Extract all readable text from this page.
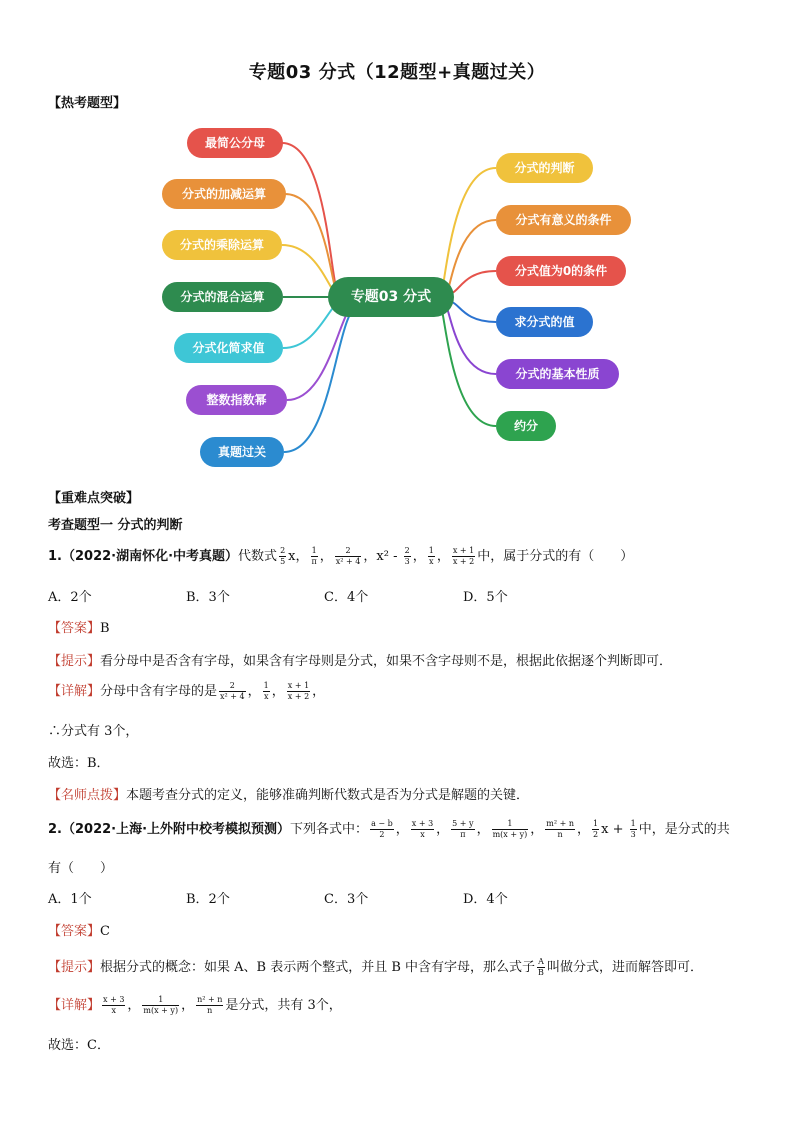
专题03 分式（12题型+真题过关）
【热考题型】
最简公分母
分式的加减运算
分式的乘除运算
分式的混合运算
分式化简求值
整数指数幂
真题过关
专题03 分式
分式的判断
分式有意义的条件
分式值为0的条件
求分式的值
分式的基本性质
约分
【重难点突破】
考查题型一 分式的判断
1.（2022·湖南怀化·中考真题）代数式 $\frac{2}{5}$ x， $\frac{1}{\pi}$ ， $\frac{2}{\text{x² + 4}}$ ，$x^2 - \frac{2}{3}$ ， $\frac{1}{x}$ ， $\frac{x + 1}{x + 2}$ 中，属于分式的有（　　）
A．2个	B．3个	C．4个	D．5个
【答案】B
【提示】看分母中是否含有字母，如果含有字母则是分式，如果不含字母则不是，根据此依据逐个判断即可．
【详解】分母中含有字母的是 $\frac{2}{\text{x² + 4}}$ ， $\frac{1}{x}$ ， $\frac{x + 1}{x + 2}$ ，
∴分式有 3个，
故选：B．
【名师点拨】本题考查分式的定义，能够准确判断代数式是否为分式是解题的关键．
2.（2022·上海·上外附中校考模拟预测）下列各式中： $\frac{a - b}{2}$ ， $\frac{x + 3}{x}$ ， $\frac{5 + y}{\pi}$ ， $\frac{1}{m(x + y)}$ ， $\frac{\text{m² + n}}{n}$ ， $\frac{1}{2}$ $x + \frac{1}{3}$ 中，是分式的共
有（　　）
A．1个	B．2个	C．3个	D．4个
【答案】C
【提示】根据分式的概念：如果 A、B 表示两个整式，并且 B 中含有字母，那么式子 $\frac{A}{B}$ 叫做分式，进而解答即可．
【详解】 $\frac{x + 3}{x}$ ， $\frac{1}{m(x + y)}$ ， $\frac{\text{n² + n}}{n}$ 是分式，共有 3个，
故选：C．
